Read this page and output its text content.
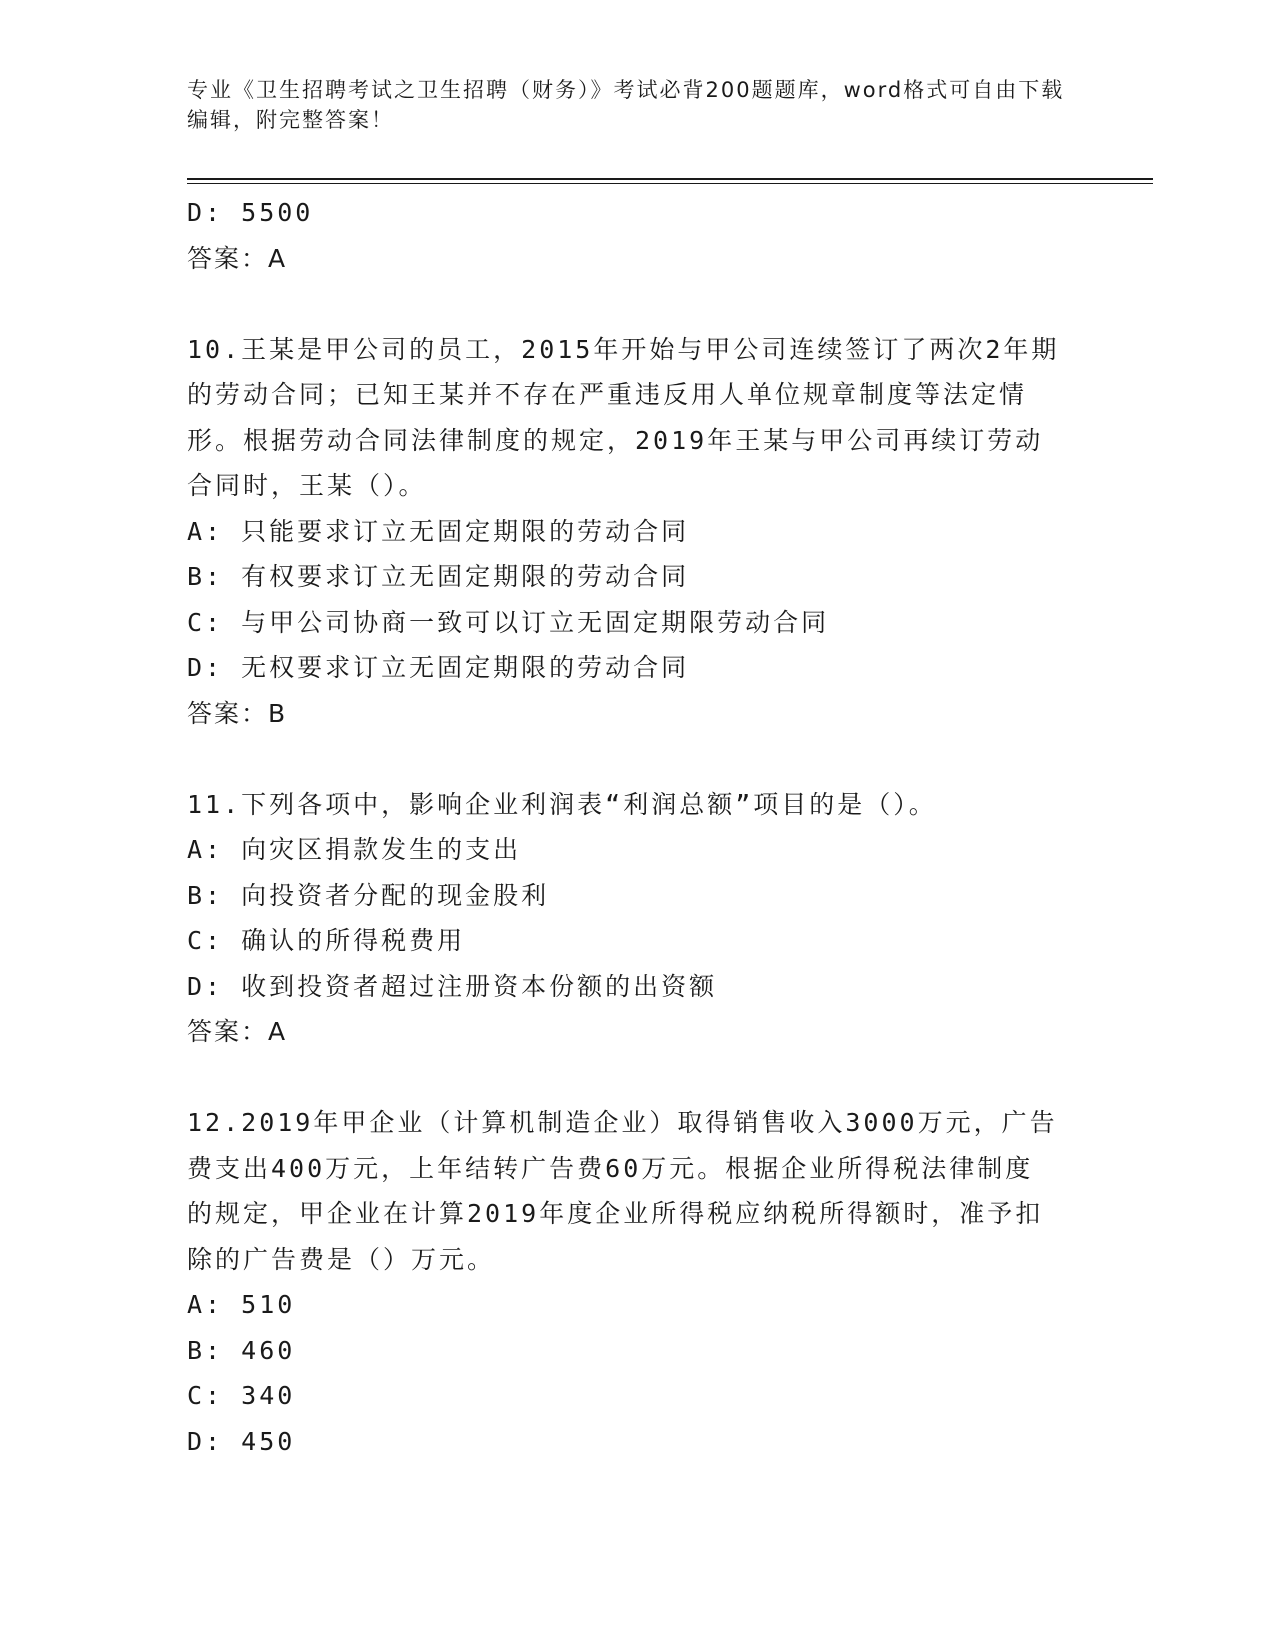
专业《卫生招聘考试之卫生招聘（财务）》考试必背200题题库，word格式可自由下载编辑，附完整答案！
D: 5500
答案：A
10.王某是甲公司的员工，2015年开始与甲公司连续签订了两次2年期
的劳动合同；已知王某并不存在严重违反用人单位规章制度等法定情
形。根据劳动合同法律制度的规定，2019年王某与甲公司再续订劳动
合同时，王某（）。
A: 只能要求订立无固定期限的劳动合同
B: 有权要求订立无固定期限的劳动合同
C: 与甲公司协商一致可以订立无固定期限劳动合同
D: 无权要求订立无固定期限的劳动合同
答案：B
11.下列各项中，影响企业利润表“利润总额”项目的是（）。
A: 向灾区捐款发生的支出
B: 向投资者分配的现金股利
C: 确认的所得税费用
D: 收到投资者超过注册资本份额的出资额
答案：A
12.2019年甲企业（计算机制造企业）取得销售收入3000万元，广告
费支出400万元，上年结转广告费60万元。根据企业所得税法律制度
的规定，甲企业在计算2019年度企业所得税应纳税所得额时，准予扣
除的广告费是（）万元。
A: 510
B: 460
C: 340
D: 450
